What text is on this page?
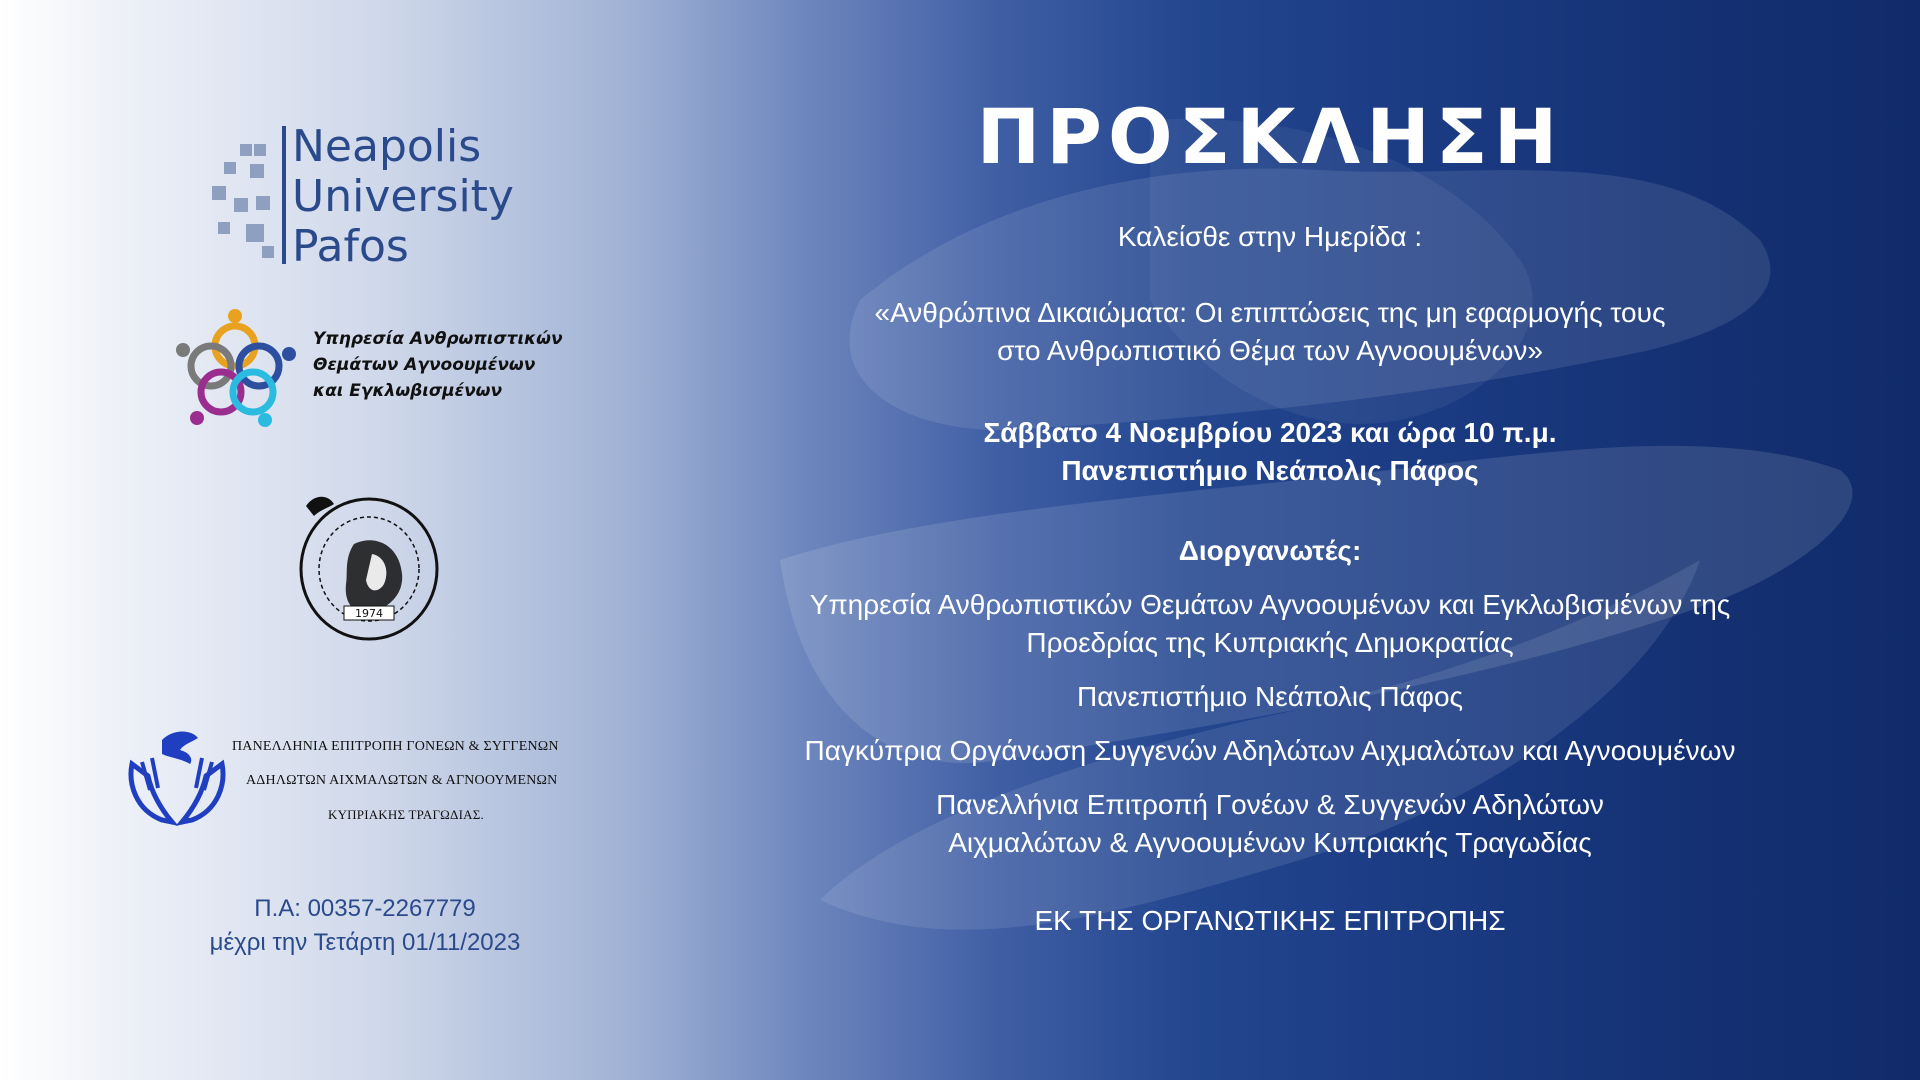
Neapolis
University
Pafos
Υπηρεσία Ανθρωπιστικών
Θεμάτων Αγνοουμένων
και Εγκλωβισμένων
1974
ΠΑΝΕΛΛΗΝΙΑ ΕΠΙΤΡΟΠΗ ΓΟΝΕΩΝ & ΣΥΓΓΕΝΩΝ
ΑΔΗΛΩΤΩΝ ΑΙΧΜΑΛΩΤΩΝ & ΑΓΝΟΟΥΜΕΝΩΝ
ΚΥΠΡΙΑΚΗΣ ΤΡΑΓΩΔΙΑΣ.
Π.Α: 00357-2267779
μέχρι την Τετάρτη 01/11/2023
ΠΡΟΣΚΛΗΣΗ
Καλείσθε στην Ημερίδα :
«Ανθρώπινα Δικαιώματα: Οι επιπτώσεις της μη εφαρμογής τους
στο Ανθρωπιστικό Θέμα των Αγνοουμένων»
Σάββατο 4 Νοεμβρίου 2023 και ώρα 10 π.μ.
Πανεπιστήμιο Νεάπολις Πάφος
Διοργανωτές:
Υπηρεσία Ανθρωπιστικών Θεμάτων Αγνοουμένων και Εγκλωβισμένων της
Προεδρίας της Κυπριακής Δημοκρατίας
Πανεπιστήμιο Νεάπολις Πάφος
Παγκύπρια Οργάνωση Συγγενών Αδηλώτων Αιχμαλώτων και Αγνοουμένων
Πανελλήνια Επιτροπή Γονέων & Συγγενών Αδηλώτων
Αιχμαλώτων & Αγνοουμένων Κυπριακής Τραγωδίας
ΕΚ ΤΗΣ ΟΡΓΑΝΩΤΙΚΗΣ ΕΠΙΤΡΟΠΗΣ
